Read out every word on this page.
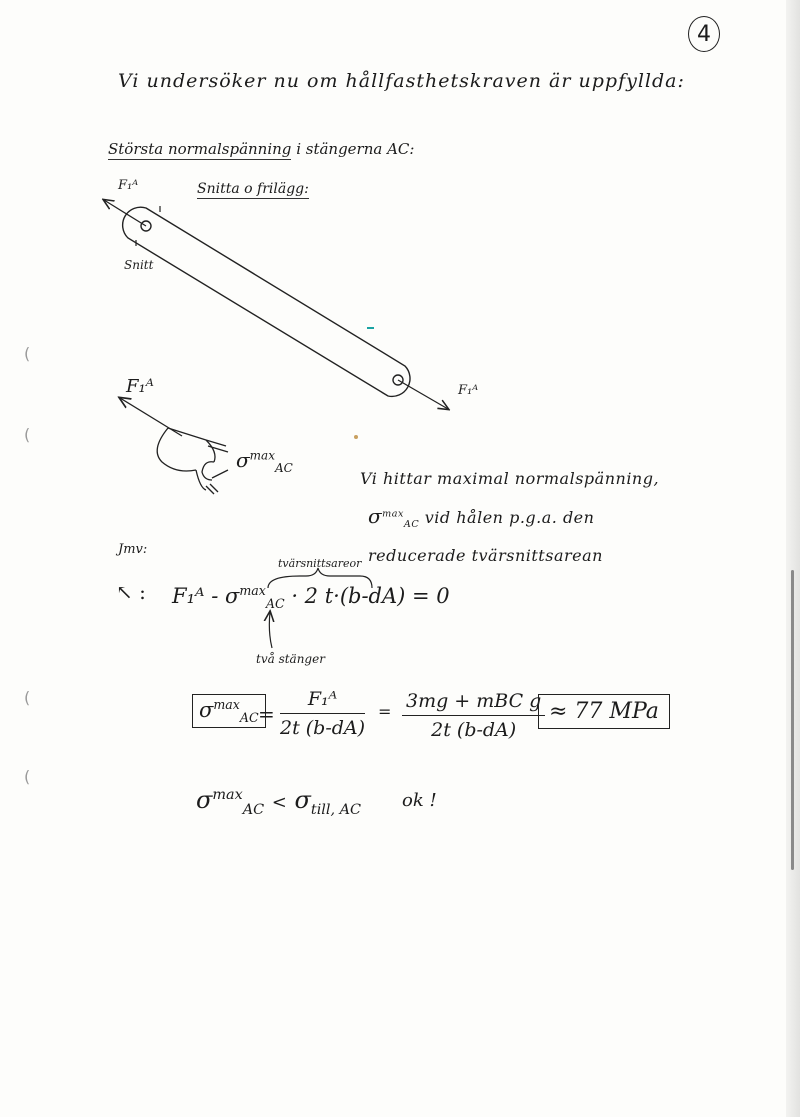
(
(
(
(
4
Vi undersöker nu om hållfasthetskraven är uppfyllda:
Största normalspänning i stängerna AC:
Snitta o frilägg:
F₁ᴬ
F₁ᴬ
Snitt
F₁ᴬ
$\sigma^{max}_{AC}$
Vi hittar maximal normalspänning,
$\sigma^{max}_{AC}$ vid hålen p.g.a. den
reducerade tvärsnittsarean
Jmv:
tvärsnittsareor
↖ : F₁ᴬ - $\sigma^{max}_{AC} \cdot 2$ t·(b-dA) = 0
två stänger
$\sigma^{max}_{AC} = \frac{\text{F₁ᴬ}}{2t (b-dA)} = 3mg$ + mBC g
2t (b-dA)
≈ 77 MPa
$\sigma^{max}_{AC} < \sigma_{till, AC}$ ok !
